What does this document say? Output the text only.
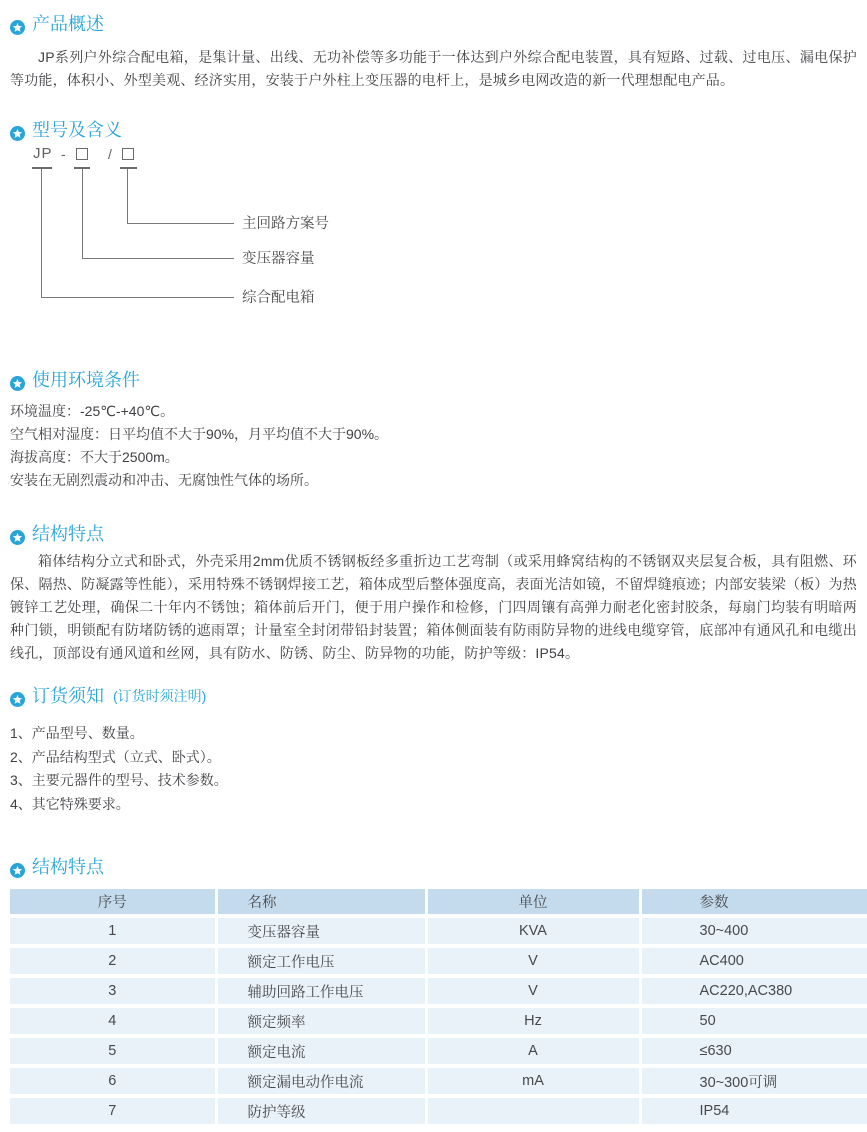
产品概述

JP系列户外综合配电箱，是集计量、出线、无功补偿等多功能于一体达到户外综合配电装置，具有短路、过载、过电压、漏电保护等功能，体积小、外型美观、经济实用，安装于户外柱上变压器的电杆上，是城乡电网改造的新一代理想配电产品。

型号及含义
JP -	/
主回路方案号
变压器容量
综合配电箱
使用环境条件
环境温度：-25℃-+40℃。
空气相对湿度：日平均值不大于90%，月平均值不大于90%。
海拔高度：不大于2500m。
安装在无剧烈震动和冲击、无腐蚀性气体的场所。
结构特点

箱体结构分立式和卧式，外壳采用2mm优质不锈钢板经多重折边工艺弯制（或采用蜂窝结构的不锈钢双夹层复合板，具有阻燃、环保、隔热、防凝露等性能），采用特殊不锈钢焊接工艺，箱体成型后整体强度高，表面光洁如镜，不留焊缝痕迹；内部安装梁（板）为热镀锌工艺处理，确保二十年内不锈蚀；箱体前后开门，便于用户操作和检修，门四周镶有高弹力耐老化密封胶条，每扇门均装有明暗两种门锁，明锁配有防堵防锈的遮雨罩；计量室全封闭带铅封装置；箱体侧面装有防雨防异物的进线电缆穿管，底部冲有通风孔和电缆出线孔，顶部设有通风道和丝网，具有防水、防锈、防尘、防异物的功能，防护等级：IP54。

订货须知 (订货时须注明)
1、产品型号、数量。
2、产品结构型式（立式、卧式）。
3、主要元器件的型号、技术参数。
4、其它特殊要求。
结构特点
序号	名称	单位	参数
1	变压器容量	KVA	30~400
2	额定工作电压	V	AC400
3	辅助回路工作电压	V	AC220,AC380
4	额定频率	Hz	50
5	额定电流	A	≤630
6	额定漏电动作电流	mA	30~300可调
7	防护等级		IP54
